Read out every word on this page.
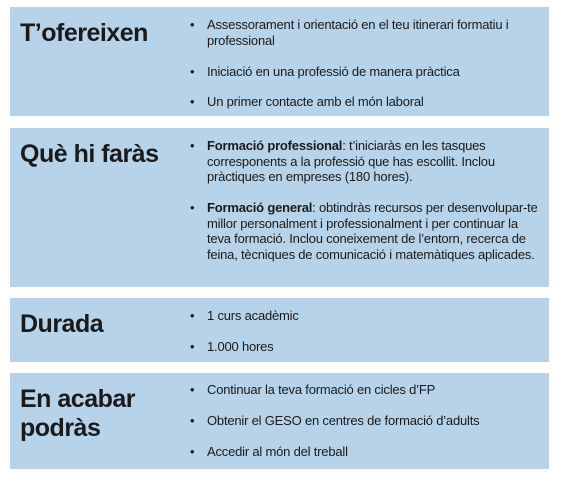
T’ofereixen	• Assessorament i orientació en el teu itinerari formatiu i professional
• Iniciació en una professió de manera pràctica
• Un primer contacte amb el món laboral
Què hi faràs	• Formació professional: t’iniciaràs en les tasques corresponents a la professió que has escollit. Inclou pràctiques en empreses (180 hores).
• Formació general: obtindràs recursos per desenvolupar-te millor personalment i professionalment i per continuar la teva formació. Inclou coneixement de l’entorn, recerca de feina, tècniques de comunicació i matemàtiques aplicades.
Durada	• 1 curs acadèmic
• 1.000 hores
En acabar
podràs
• Continuar la teva formació en cicles d’FP
• Obtenir el GESO en centres de formació d’adults
• Accedir al món del treball
